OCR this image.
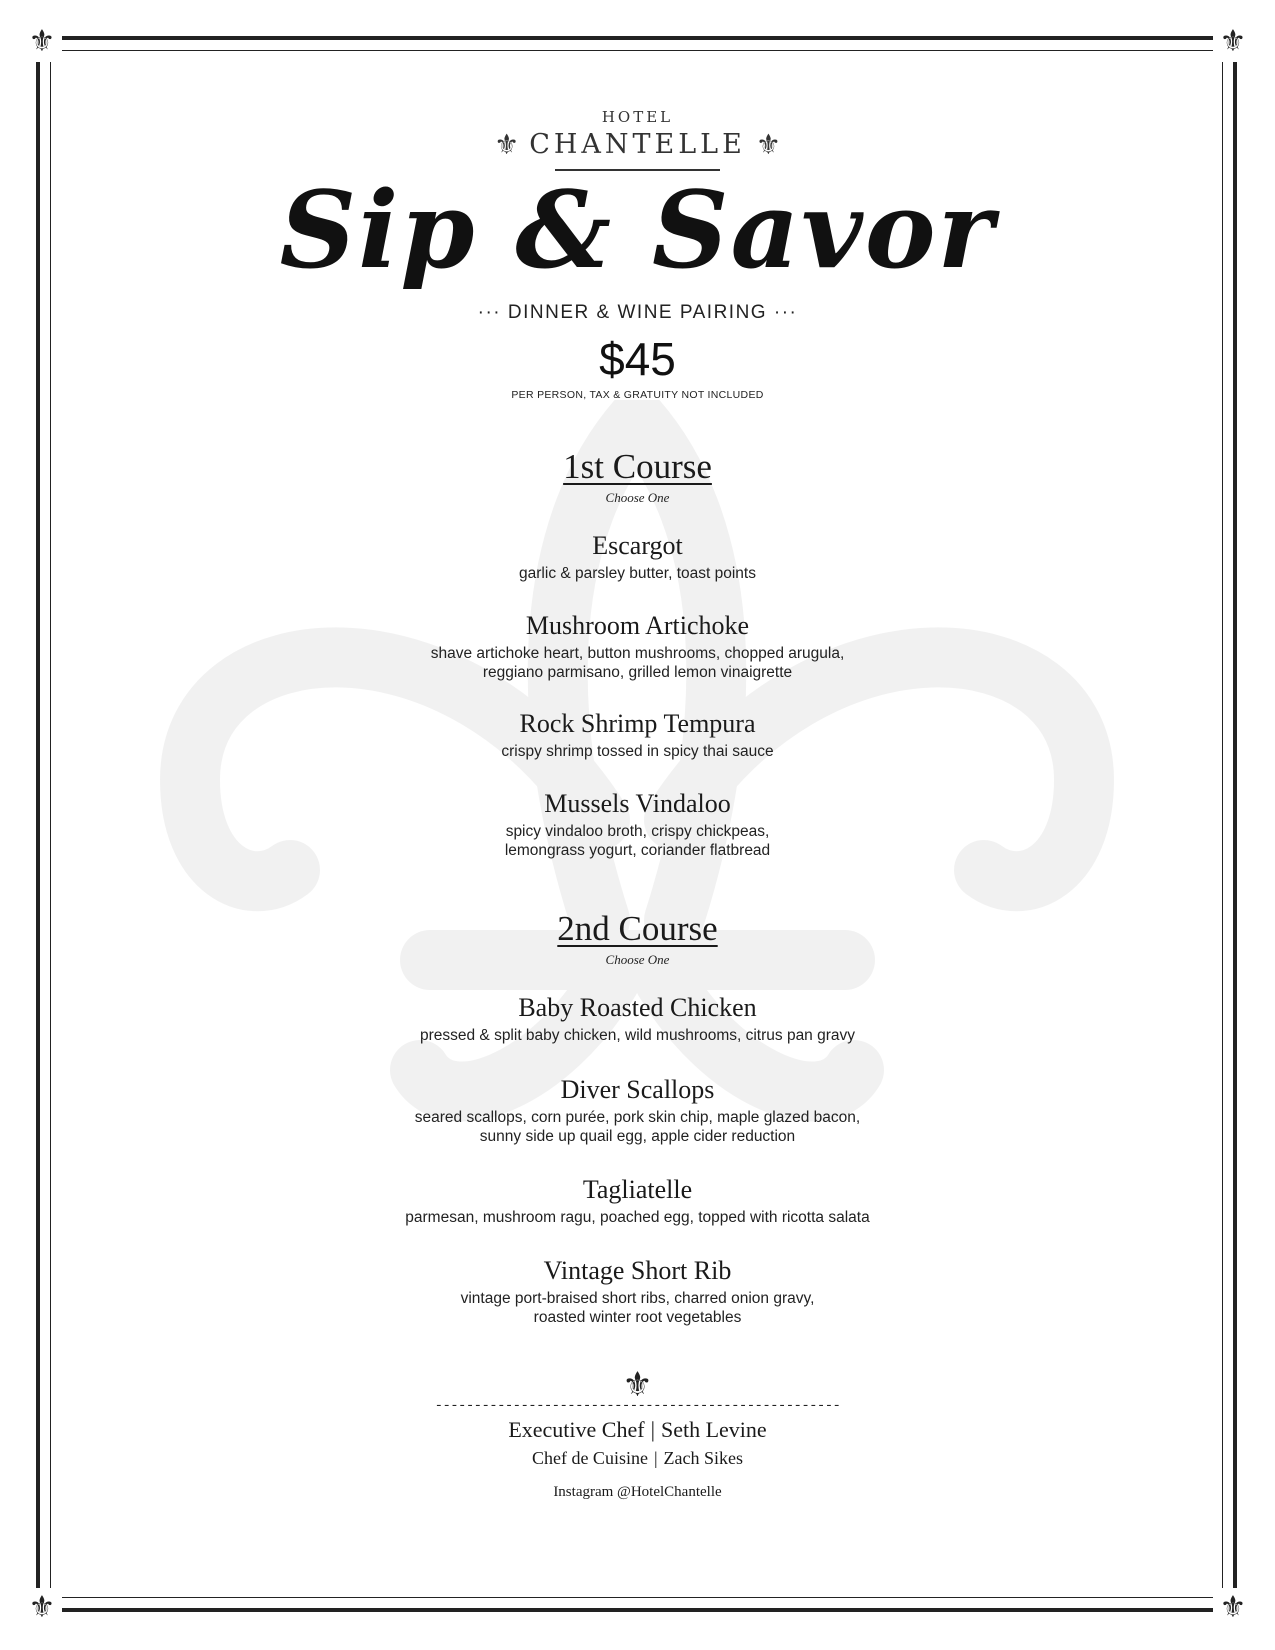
⚜	⚜
⚜	⚜
HOTEL
⚜ CHANTELLE ⚜
Sip & Savor
··· DINNER & WINE PAIRING ···
$45
PER PERSON, TAX & GRATUITY NOT INCLUDED
1st Course
Choose One
Escargot
garlic & parsley butter, toast points
Mushroom Artichoke
shave artichoke heart, button mushrooms, chopped arugula,
reggiano parmisano, grilled lemon vinaigrette
Rock Shrimp Tempura
crispy shrimp tossed in spicy thai sauce
Mussels Vindaloo
spicy vindaloo broth, crispy chickpeas,
lemongrass yogurt, coriander flatbread
2nd Course
Choose One
Baby Roasted Chicken
pressed & split baby chicken, wild mushrooms, citrus pan gravy
Diver Scallops
seared scallops, corn purée, pork skin chip, maple glazed bacon,
sunny side up quail egg, apple cider reduction
Tagliatelle
parmesan, mushroom ragu, poached egg, topped with ricotta salata
Vintage Short Rib
vintage port-braised short ribs, charred onion gravy,
roasted winter root vegetables
⚜
----------------------------------------------------
Executive Chef | Seth Levine
Chef de Cuisine | Zach Sikes
Instagram @HotelChantelle
